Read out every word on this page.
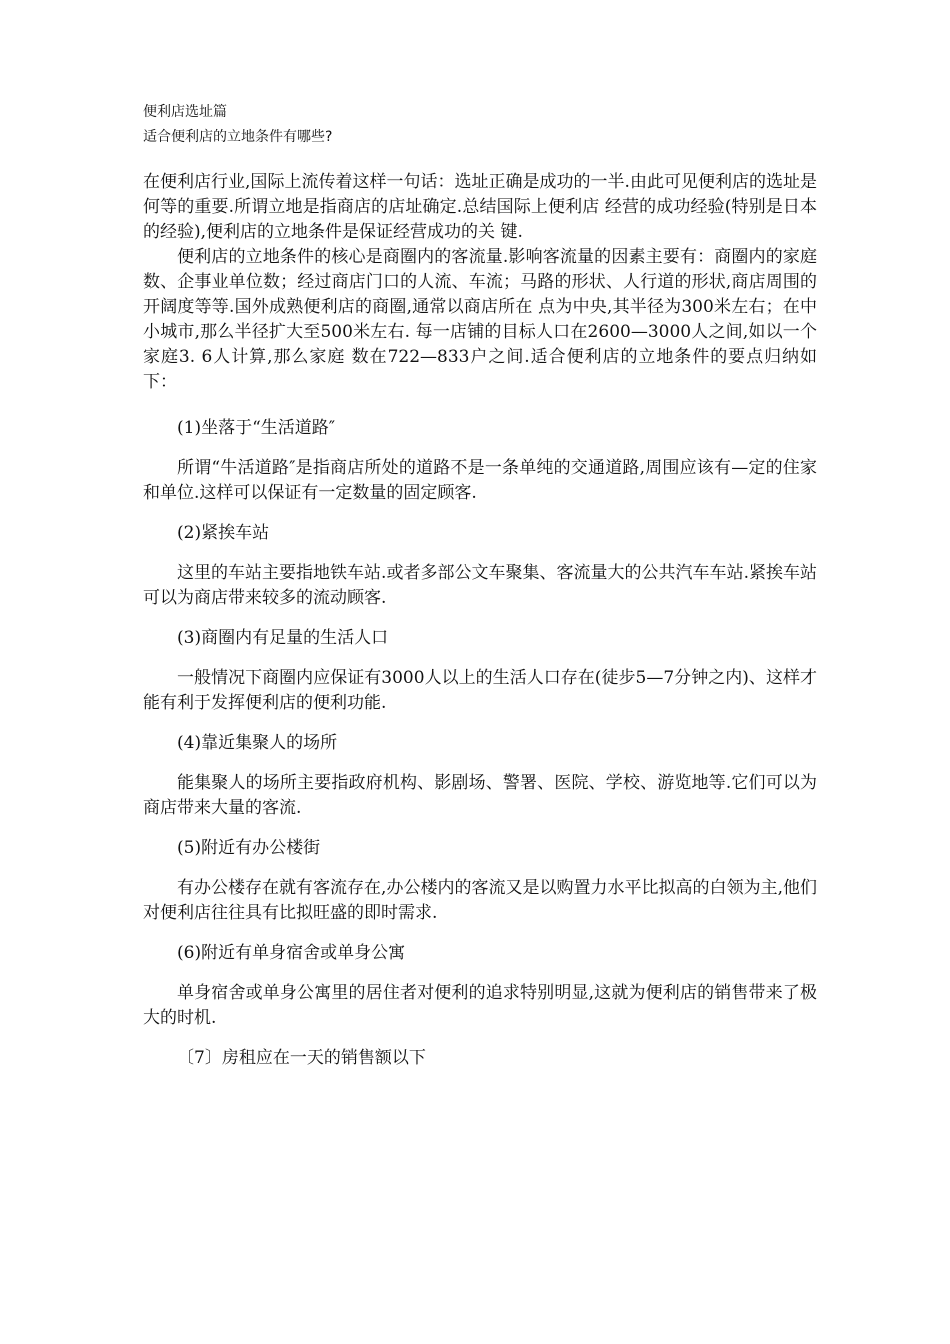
便利店选址篇
适合便利店的立地条件有哪些?

在便利店行业,国际上流传着这样一句话：选址正确是成功的一半.由此可见便利店的选址是何等的重要.所谓立地是指商店的店址确定.总结国际上便利店 经营的成功经验(特别是日本的经验),便利店的立地条件是保证经营成功的关 键.

便利店的立地条件的核心是商圈内的客流量.影响客流量的因素主要有：商圈内的家庭数、企事业单位数；经过商店门口的人流、车流；马路的形状、人行道的形状,商店周围的开阔度等等.国外成熟便利店的商圈,通常以商店所在 点为中央,其半径为300米左右；在中小城市,那么半径扩大至500米左右. 每一店铺的目标人口在2600—3000人之间,如以一个家庭3. 6人计算,那么家庭 数在722—833户之间.适合便利店的立地条件的要点归纳如下：

(1)坐落于“生活道路″

所谓“牛活道路″是指商店所处的道路不是一条单纯的交通道路,周围应该有—定的住家和单位.这样可以保证有一定数量的固定顾客.

(2)紧挨车站

这里的车站主要指地铁车站.或者多部公文车聚集、客流量大的公共汽车车站.紧挨车站可以为商店带来较多的流动顾客.

(3)商圈内有足量的生活人口

一般情况下商圈内应保证有3000人以上的生活人口存在(徒步5—7分钟之内)、这样才能有利于发挥便利店的便利功能.

(4)靠近集聚人的场所

能集聚人的场所主要指政府机构、影剧场、警署、医院、学校、游览地等.它们可以为商店带来大量的客流.

(5)附近有办公楼街

有办公楼存在就有客流存在,办公楼内的客流又是以购置力水平比拟高的白领为主,他们对便利店往往具有比拟旺盛的即时需求.

(6)附近有单身宿舍或单身公寓

单身宿舍或单身公寓里的居住者对便利的追求特别明显,这就为便利店的销售带来了极大的时机.

〔7〕房租应在一天的销售额以下
